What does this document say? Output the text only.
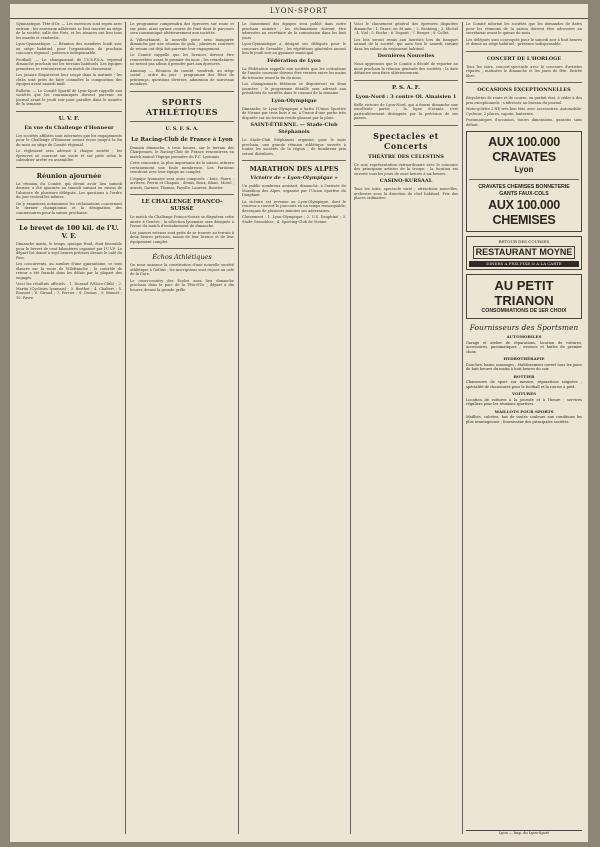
LYON-SPORT

Gymnastique. Tête-d'Or. — Les exercices sont repris avec entrain ; les nouveaux adhérents se font inscrire au siège de la société, salle des Prés, et les séances ont lieu tous les mardis et vendredis.

Lyon-Gymnastique. — Réunion des membres lundi soir, au siège habituel, pour l'organisation du prochain concours régional ; présence indispensable.

Football. — Le championnat de l'U.S.F.S.A. reprend dimanche prochain sur les terrains habituels. Les équipes premières se rencontreront en match de classement.

Les juniors disputeront leur coupe dans la matinée ; les clubs sont priés de faire connaître la composition des équipes avant samedi midi.

Bulletin. — Le Comité Sportif de Lyon-Sport rappelle aux sociétés que les communiqués doivent parvenir au journal avant le jeudi soir pour paraître dans le numéro de la semaine.

U. V. F.
En vue du Challenge d'Honneur

Les sociétés affiliées sont informées que les engagements pour le Challenge d'Honneur seront reçus jusqu'à la fin du mois au siège du Comité régional.

Le règlement sera adressé à chaque société ; les épreuves se courront sur route et sur piste selon le calendrier arrêté en assemblée.

Réunion ajournée

La réunion du Comité, qui devait avoir lieu samedi dernier, a été ajournée au samedi suivant en raison de l'absence de plusieurs délégués. Les questions à l'ordre du jour restent les mêmes.

On y examinera notamment les réclamations concernant le dernier championnat et la désignation des commissaires pour la saison prochaine.

Le brevet de 100 kil. de l'U. V. F.

Dimanche matin, le temps, quoique froid, était favorable pour le brevet de cent kilomètres organisé par l'U.V.F. Le départ fut donné à sept heures précises devant le café du Parc.

Les concurrents, au nombre d'une quarantaine, se sont élancés sur la route de Villefranche ; le contrôle de retour a été franchi dans les délais par la plupart des engagés.

Voici les résultats officiels : 1. Durand (Véloce-Club) ; 2. Martin (Cyclistes lyonnais) ; 3. Berthet ; 4. Chabert ; 5. Rousset ; 6. Giraud ; 7. Perrier ; 8. Dumas ; 9. Bonnet ; 10. Favre.

Le programme comprendra des épreuves sur route et sur piste, ainsi qu'une course de fond dont le parcours sera communiqué ultérieurement aux sociétés.

À Villeurbanne, la nouvelle piste sera inaugurée dimanche par une réunion de gala ; plusieurs coureurs de renom ont déjà fait parvenir leur engagement.

Le Comité rappelle que les licences doivent être renouvelées avant le premier du mois ; les retardataires ne seront pas admis à prendre part aux épreuves.

Annonay. — Réunion du comité, vendredi, au siège social ; ordre du jour : programme des fêtes de printemps, questions diverses, admission de nouveaux membres.

SPORTS ATHLÉTIQUES
U. S. F. S. A.
Le Racing-Club de France à Lyon

Demain dimanche, à trois heures, sur le terrain des Charpennes, le Racing-Club de France rencontrera en match amical l'équipe première du F.C. Lyonnais.

Cette rencontre, la plus importante de la saison, attirera certainement une foule nombreuse. Les Parisiens viendront avec leur équipe au complet.

L'équipe lyonnaise sera ainsi composée : buts, Faure ; arrières, Perrin et Chapuis ; demis, Roux, Blanc, Morel ; avants, Garnier, Thomas, Fayolle, Laurent, Bouvier.

LE CHALLENGE FRANCO-SUISSE

Le match du Challenge Franco-Suisse se disputera cette année à Genève ; la sélection lyonnaise sera désignée à l'issue du match d'entraînement de dimanche.

Les joueurs retenus sont priés de se trouver au terrain à deux heures précises, munis de leur licence et de leur équipement complet.

Échos Athlétiques

On nous annonce la constitution d'une nouvelle société athlétique à Oullins ; les inscriptions sont reçues au café de la Gare.

Le cross-country des Écoles aura lieu dimanche prochain dans le parc de la Tête-d'Or ; départ à dix heures devant la grande grille.

Le classement des équipes sera publié dans notre prochain numéro ; les réclamations doivent être adressées au secrétaire de la commission dans les huit jours.

Lyon-Gymnastique a désigné ses délégués pour le concours de Grenoble ; les répétitions générales auront lieu le jeudi soir au gymnase municipal.

Fédération de Lyon

La Fédération rappelle aux sociétés que les cotisations de l'année courante doivent être versées entre les mains du trésorier avant la fin du mois.

Les championnats fédéraux se disputeront en deux journées ; le programme détaillé sera adressé aux présidents de sociétés dans le courant de la semaine.

Lyon-Olympique

Dimanche, le Lyon-Olympique a battu l'Union Sportive de Vienne par trois buts à un, à l'issue d'une partie très disputée sur un terrain rendu glissant par la pluie.

SAINT-ÉTIENNE. — Stade-Club Stéphanois

Le Stade-Club Stéphanois organise, pour le mois prochain, une grande réunion athlétique ouverte à toutes les sociétés de la région ; de nombreux prix seront distribués.

MARATHON DES ALPES
Victoire de « Lyon-Olympique »

Un public nombreux assistait, dimanche, à l'arrivée du Marathon des Alpes, organisé par l'Union Sportive du Dauphiné.

La victoire est revenue au Lyon-Olympique, dont le coureur a couvert le parcours en un temps remarquable, devançant de plusieurs minutes ses adversaires.

Classement : 1. Lyon-Olympique ; 2. U.S. Dauphiné ; 3. Stade Grenoblois ; 4. Sporting-Club de Vienne.

Voici le classement général des épreuves disputées dimanche : 1. Faure, en 38 min. ; 2. Rostaing ; 3. Michel ; 4. Vial ; 5. Roche ; 6. Dupont ; 7. Berger ; 8. Collet.

Les lots seront remis aux lauréats lors du banquet annuel de la société, qui aura lieu le samedi suivant dans les salons du restaurant habituel.

Dernières Nouvelles

Nous apprenons que le Comité a décidé de reporter au mois prochain la réunion générale des sociétés ; la date définitive sera fixée ultérieurement.

P. S. A. F.
Lyon-Nord : 3 contre Ol. Ainaisien 1

Belle victoire de Lyon-Nord, qui a fourni dimanche une excellente partie ; la ligne d'avants s'est particulièrement distinguée par la précision de ses passes.

Spectacles et Concerts
THÉÂTRE DES CÉLESTINS

Ce soir, représentation extraordinaire avec le concours des principaux artistes de la troupe ; la location est ouverte tous les jours de onze heures à six heures.

CASINO-KURSAAL

Tous les soirs, spectacle varié ; attractions nouvelles, orchestre sous la direction du chef habituel. Prix des places ordinaires.

Le Comité informe les sociétés que les demandes de dates pour les réunions de la saison doivent être adressées au secrétariat avant le quinze du mois.

Les délégués sont convoqués pour le samedi soir à huit heures et demie au siège habituel ; présence indispensable.

CONCERT DE L'HORLOGE

Tous les soirs, concert-spectacle avec le concours d'artistes réputés ; matinées le dimanche et les jours de fête. Entrée libre.

OCCASIONS EXCEPTIONNELLES

Bicyclettes de route et de course, en parfait état, à céder à des prix exceptionnels ; s'adresser au bureau du journal.

Motocyclette 2 HP, très bon état, avec accessoires. Automobile-Cyclecar, 2 places, capote, lanternes.

Pneumatiques d'occasion, toutes dimensions, garantis sans défaut.

AUX 100.000 CRAVATES
Lyon
CRAVATES CHEMISES BONNETERIE
GANTS FAUX-COLS
AUX 100.000 CHEMISES
RETOUR DES COURSES
RESTAURANT MOYNE
DINERS A PRIX FIXE & A LA CARTE
AU PETIT TRIANON
CONSOMMATIONS DE 1ER CHOIX
Fournisseurs des Sportsmen
AUTOMOBILES
Garage et atelier de réparations, location de voitures, accessoires, pneumatiques ; essence et huiles de premier choix.
HYDROTHÉRAPIE
Douches, bains, massages ; établissement ouvert tous les jours de huit heures du matin à huit heures du soir.
BOTTIER
Chaussures de sport sur mesure, réparations soignées ; spécialité de chaussures pour le football et la course à pied.
VOITURES
Location de voitures à la journée et à l'heure ; services réguliers pour les réunions sportives.
MAILLOTS POUR SPORTS
Maillots, culottes, bas de toutes couleurs aux conditions les plus avantageuses ; fournisseur des principales sociétés.
Lyon — Imp. du Lyon-Sport
